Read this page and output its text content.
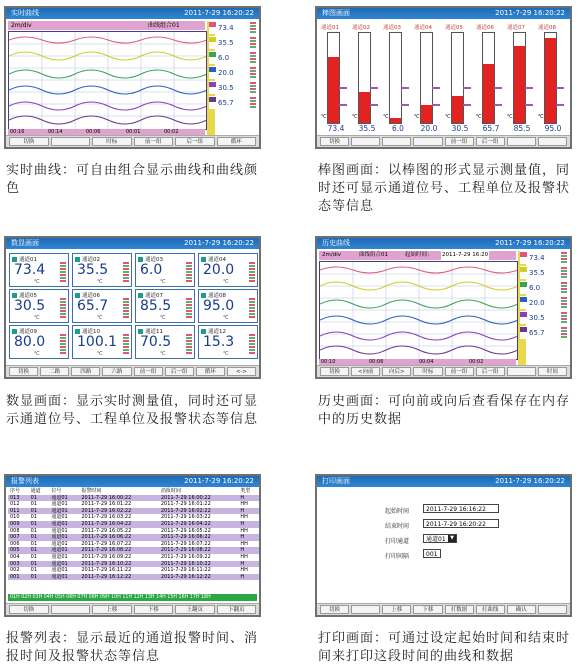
实时曲线	2011-7-29 16:20:22
2m/div	曲线组合01
00:16	00:14	00:06	00:01	00:02
73.4
35.5
6.0
20.0
30.5
65.7
切换	时标	前一组	后一组	循环
实时曲线：可自由组合显示曲线和曲线颜色
棒图画面	2011-7-29 16:20:22
通道01
℃
73.4
通道02
℃
35.5
通道03
℃
6.0
通道04
℃
20.0
通道05
℃
30.5
通道06
℃
65.7
通道07
℃
85.5
通道08
℃
95.0
切换	前一组	后一组
棒图画面：以棒图的形式显示测量值，同时还可显示通道位号、工程单位及报警状态等信息
数显画面	2011-7-29 16:20:22
通道01
73.4
℃
通道02
35.5
℃
通道03
6.0
℃
通道04
20.0
℃
通道05
30.5
℃
通道06
65.7
℃
通道07
85.5
℃
通道08
95.0
℃
通道09
80.0
℃
通道10
100.1
℃
通道11
70.5
℃
通道12
15.3
℃
切换	二路	四路	六路	前一组	后一组	循环	<->
数显画面：显示实时测量值，同时还可显示通道位号、工程单位及报警状态等信息
历史曲线	2011-7-29 16:20:22
2m/div	曲线组合01	起始时间： 2011-7-29 16:20
00:10	00:06	00:04	00:02
73.4
35.5
6.0
20.0
30.5
65.7
切换	<向前	向后>	时标	前一组	后一组	时间
历史画面：可向前或向后查看保存在内存中的历史数据
报警列表	2011-7-29 16:20:22
序号	通道	位号	报警时间	消报时间	类型
013	01	通道01	2011-7-29 16:00:22	2011-7-29 16:00:22	H
012	01	通道01	2011-7-29 16:01:22	2011-7-29 16:01:22	HH
011	01	通道01	2011-7-29 16:02:22	2011-7-29 16:02:22	H
010	01	通道01	2011-7-29 16:03:22	2011-7-29 16:03:22	HH
009	01	通道01	2011-7-29 16:04:22	2011-7-29 16:04:22	H
008	01	通道01	2011-7-29 16:05:22	2011-7-29 16:05:22	HH
007	01	通道01	2011-7-29 16:06:22	2011-7-29 16:06:22	H
006	01	通道01	2011-7-29 16:07:22	2011-7-29 16:07:22	HH
005	01	通道01	2011-7-29 16:08:22	2011-7-29 16:08:22	H
004	01	通道01	2011-7-29 16:09:22	2011-7-29 16:09:22	HH
003	01	通道01	2011-7-29 16:10:22	2011-7-29 16:10:22	H
002	01	通道01	2011-7-29 16:11:22	2011-7-29 16:11:22	HH
001	01	通道01	2011-7-29 16:12:22	2011-7-29 16:12:22	H
01H 02H 03H 04H 05H 06H 07H 08H 09H 10H 11H 12H 13H 14H 15H 16H 17H 18H
切换	上移	下移	上翻页	下翻页
报警列表：显示最近的通道报警时间、消报时间及报警状态等信息
打印画面	2011-7-29 16:20:22
起始时间	2011-7-29 16:16:22
结束时间	2011-7-29 16:20:22
打印通道	通道01 ▼
打印间隔	001
切换	上移	下移	打数据	打曲线	确认
打印画面：可通过设定起始时间和结束时间来打印这段时间的曲线和数据
